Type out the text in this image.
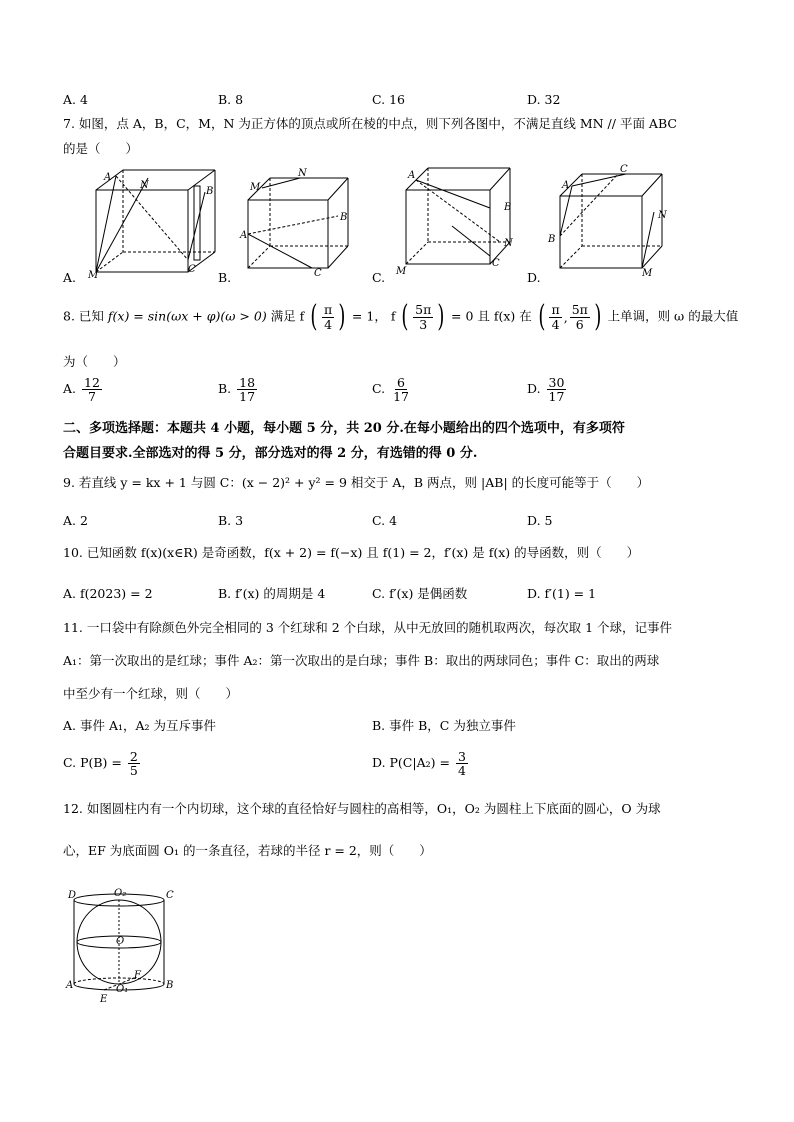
A. 4	B. 8	C. 16	D. 32
7. 如图，点 A，B，C，M，N 为正方体的顶点或所在棱的中点，则下列各图中，不满足直线 MN // 平面 ABC
的是（　　）
A
N
B
C
M
A.
M
N
B
A
C
B.
A
B
N
C
M
C.
A
C
N
B
M
D.
8. 已知 f(x) = sin(ωx + φ)(ω > 0) 满足 f ( $\frac{\pi}{4}$ ) = 1， f ( $\frac{5\pi}{3}$ ) = 0 且 f(x) 在 ( $\frac{\pi}{4}$ , $\frac{5\pi}{6}$ ) 上单调，则 ω 的最大值
为（　　）
A. $\frac{12}{7}$	B. $\frac{18}{17}$	C. $\frac{6}{17}$	D. $\frac{30}{17}$
二、多项选择题：本题共 4 小题，每小题 5 分，共 20 分.在每小题给出的四个选项中，有多项符
合题目要求.全部选对的得 5 分，部分选对的得 2 分，有选错的得 0 分.
9. 若直线 y = kx + 1 与圆 C：(x − 2)² + y² = 9 相交于 A，B 两点，则 |AB| 的长度可能等于（　　）
A. 2	B. 3	C. 4	D. 5
10. 已知函数 f(x)(x∈R) 是奇函数，f(x + 2) = f(−x) 且 f(1) = 2，f′(x) 是 f(x) 的导函数，则（　　）
A. f(2023) = 2	B. f′(x) 的周期是 4	C. f′(x) 是偶函数	D. f′(1) = 1
11. 一口袋中有除颜色外完全相同的 3 个红球和 2 个白球，从中无放回的随机取两次，每次取 1 个球，记事件
A₁：第一次取出的是红球；事件 A₂：第一次取出的是白球；事件 B：取出的两球同色；事件 C：取出的两球
中至少有一个红球，则（　　）
A. 事件 A₁，A₂ 为互斥事件	B. 事件 B，C 为独立事件
C. $P(B) = \frac{2}{5}$	D. $P(C|A_2) = \frac{3}{4}$
12. 如图圆柱内有一个内切球，这个球的直径恰好与圆柱的高相等，O₁，O₂ 为圆柱上下底面的圆心，O 为球
心，EF 为底面圆 O₁ 的一条直径，若球的半径 r = 2，则（　　）
D	C
O₂
O
A	B
O₁
E
F
